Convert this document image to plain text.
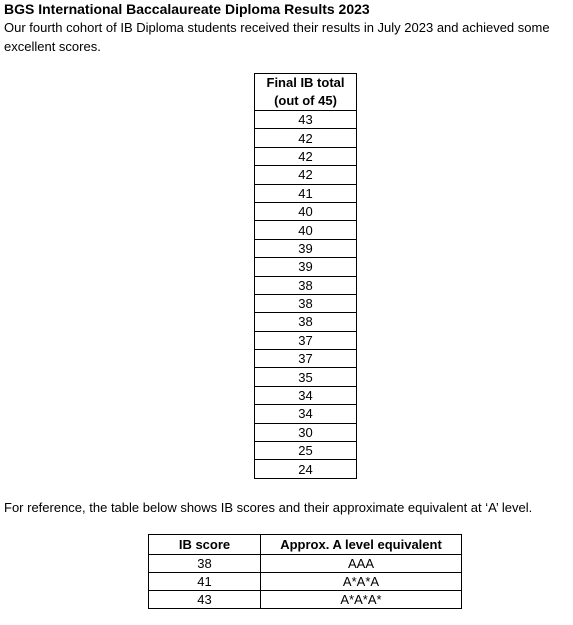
BGS International Baccalaureate Diploma Results 2023
Our fourth cohort of IB Diploma students received their results in July 2023 and achieved some excellent scores.
Final IB total
(out of 45)

43
42
42
42
41
40
40
39
39
38
38
38
37
37
35
34
34
30
25
24
For reference, the table below shows IB scores and their approximate equivalent at ‘A’ level.
IB score	Approx. A level equivalent
38	AAA
41	A*A*A
43	A*A*A*
